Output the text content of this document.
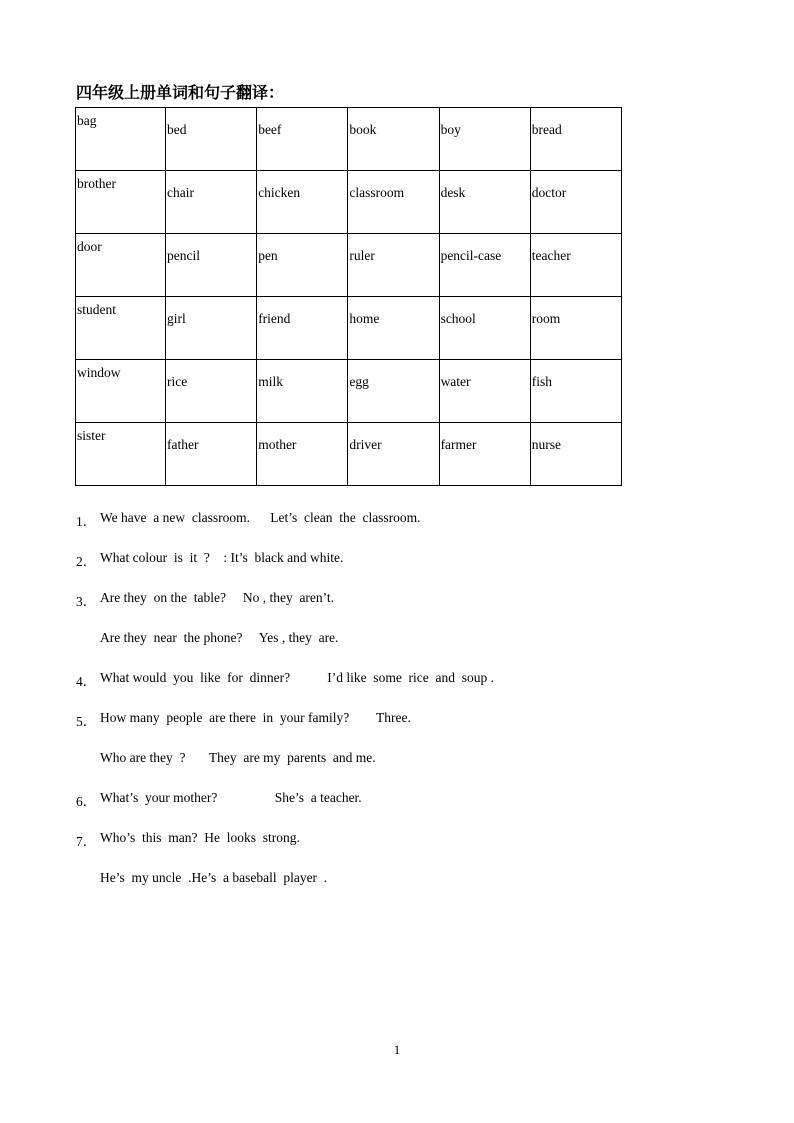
四年级上册单词和句子翻译：
bag	bed	beef	book	boy	bread

brother	chair	chicken	classroom	desk	doctor

door	pencil	pen	ruler	pencil-case	teacher

student	girl	friend	home	school	room

window	rice	milk	egg	water	fish

sister	father	mother	driver	farmer	nurse
1． We have  a new  classroom.      Let’s  clean  the  classroom.
2． What colour  is  it  ?    : It’s  black and white.
3． Are they  on the  table?     No , they  aren’t.
Are they  near  the phone?     Yes , they  are.
4． What would  you  like  for  dinner?           I’d like  some  rice  and  soup .
5． How many  people  are there  in  your family?        Three.
Who are they  ?       They  are my  parents  and me.
6． What’s  your mother?                 She’s  a teacher.
7． Who’s  this  man?  He  looks  strong.
He’s  my uncle  .He’s  a baseball  player  .
1
